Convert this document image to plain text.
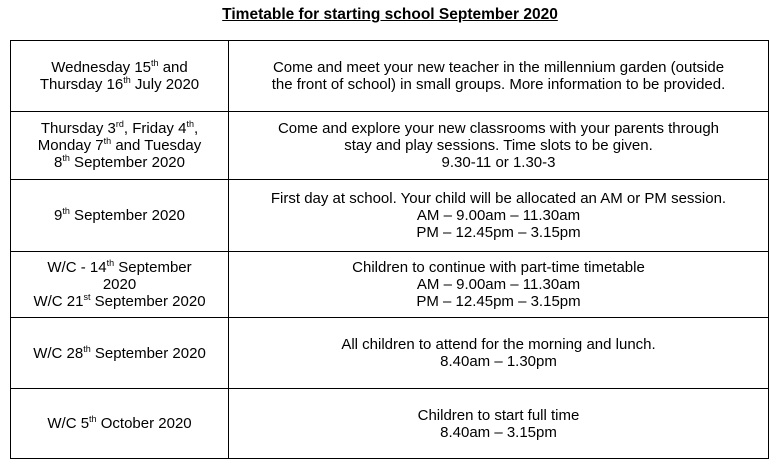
Timetable for starting school September 2020
Wednesday 15th and
Thursday 16th July 2020	Come and meet your new teacher in the millennium garden (outside
the front of school) in small groups. More information to be provided.

Thursday 3rd, Friday 4th,
Monday 7th and Tuesday
8th September 2020	Come and explore your new classrooms with your parents through
stay and play sessions. Time slots to be given.
9.30-11 or 1.30-3

9th September 2020	First day at school. Your child will be allocated an AM or PM session.
AM – 9.00am – 11.30am
PM – 12.45pm – 3.15pm

W/C - 14th September
2020
W/C 21st September 2020	Children to continue with part-time timetable
AM – 9.00am – 11.30am
PM – 12.45pm – 3.15pm

W/C 28th September 2020	All children to attend for the morning and lunch.
8.40am – 1.30pm

W/C 5th October 2020	Children to start full time
8.40am – 3.15pm
